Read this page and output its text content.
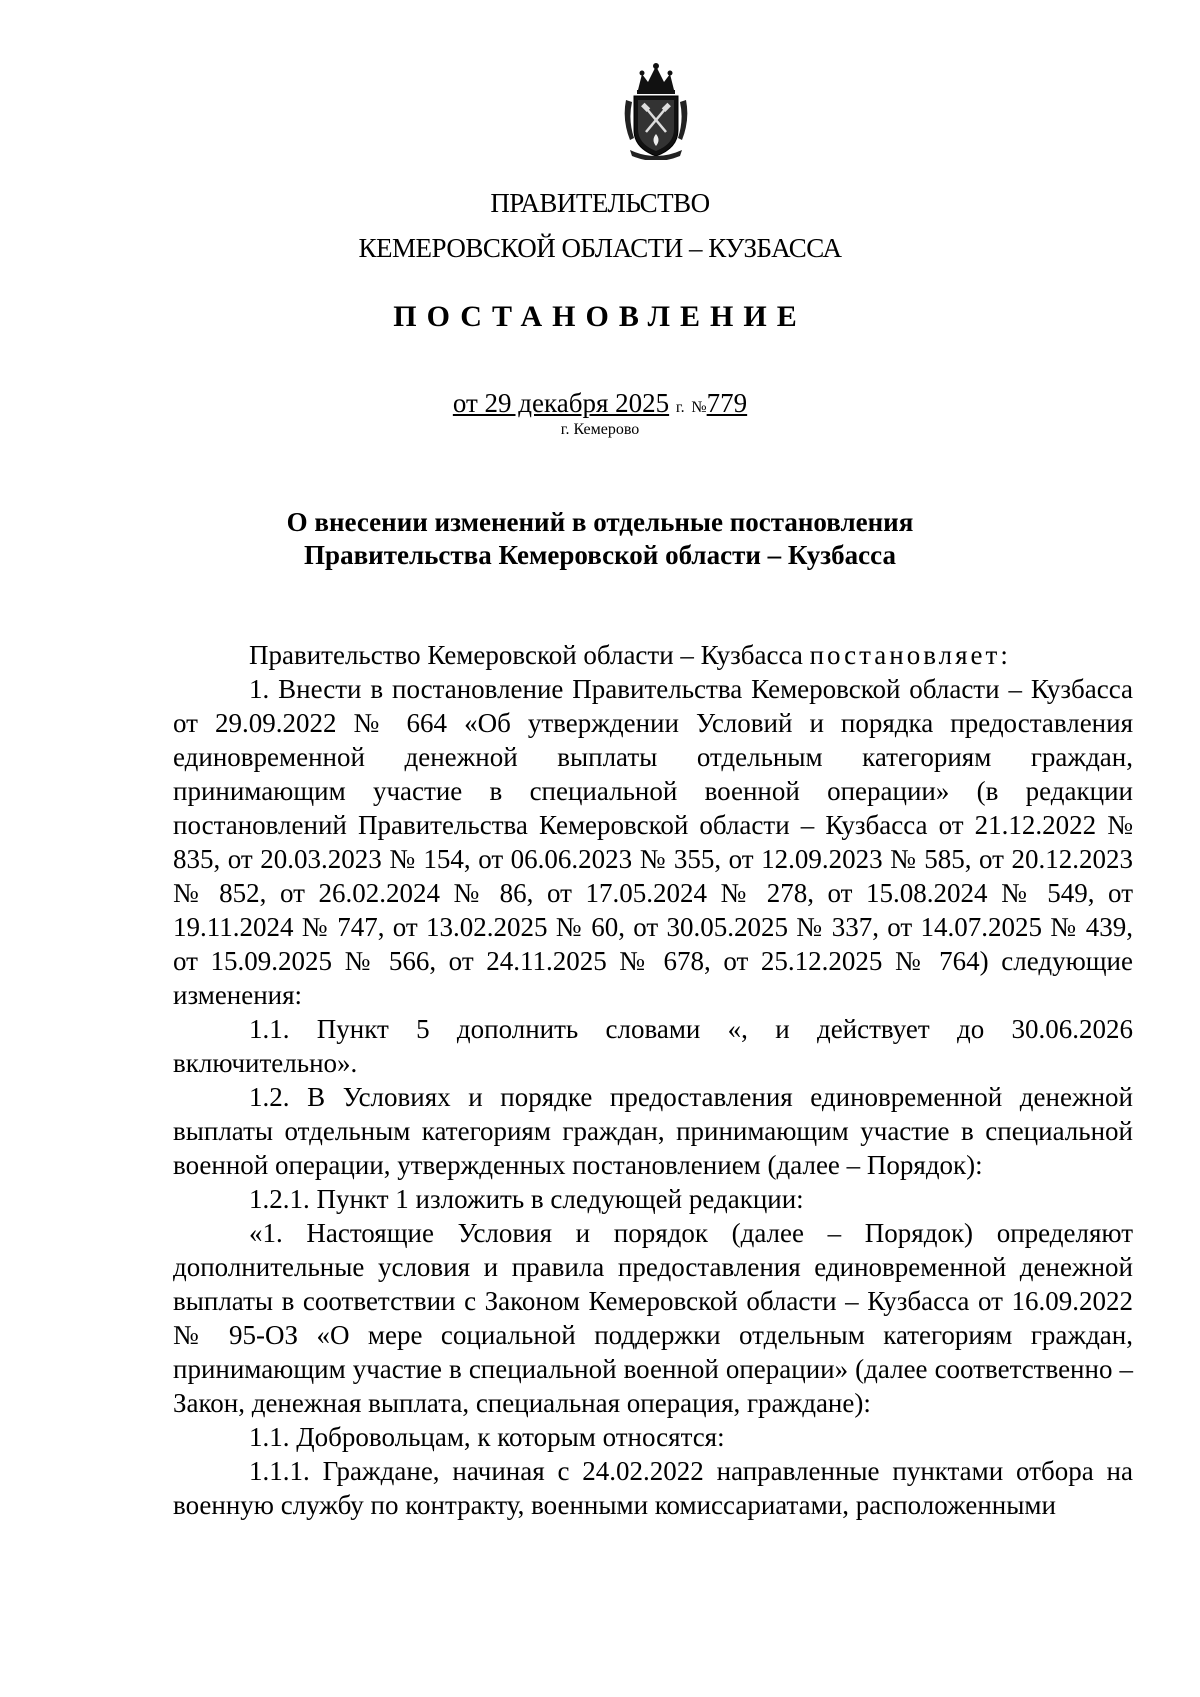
ПРАВИТЕЛЬСТВО
КЕМЕРОВСКОЙ ОБЛАСТИ – КУЗБАССА
ПОСТАНОВЛЕНИЕ
от 29 декабря 2025 г. №779
г. Кемерово
О внесении изменений в отдельные постановления
Правительства Кемеровской области – Кузбасса

Правительство Кемеровской области – Кузбасса постановляет:

1. Внести в постановление Правительства Кемеровской области – Кузбасса от 29.09.2022 № 664 «Об утверждении Условий и порядка предоставления единовременной денежной выплаты отдельным категориям граждан, принимающим участие в специальной военной операции» (в редакции постановлений Правительства Кемеровской области – Кузбасса от 21.12.2022 № 835, от 20.03.2023 № 154, от 06.06.2023 № 355, от 12.09.2023 № 585, от 20.12.2023 № 852, от 26.02.2024 № 86, от 17.05.2024 № 278, от 15.08.2024 № 549, от 19.11.2024 № 747, от 13.02.2025 № 60, от 30.05.2025 № 337, от 14.07.2025 № 439, от 15.09.2025 № 566, от 24.11.2025 № 678, от 25.12.2025 № 764) следующие изменения:

1.1. Пункт 5 дополнить словами «, и действует до 30.06.2026 включительно».

1.2. В Условиях и порядке предоставления единовременной денежной выплаты отдельным категориям граждан, принимающим участие в специальной военной операции, утвержденных постановлением (далее – Порядок):

1.2.1. Пункт 1 изложить в следующей редакции:

«1. Настоящие Условия и порядок (далее – Порядок) определяют дополнительные условия и правила предоставления единовременной денежной выплаты в соответствии с Законом Кемеровской области – Кузбасса от 16.09.2022 № 95-ОЗ «О мере социальной поддержки отдельным категориям граждан, принимающим участие в специальной военной операции» (далее соответственно – Закон, денежная выплата, специальная операция, граждане):

1.1. Добровольцам, к которым относятся:

1.1.1. Граждане, начиная с 24.02.2022 направленные пунктами отбора на военную службу по контракту, военными комиссариатами, расположенными
